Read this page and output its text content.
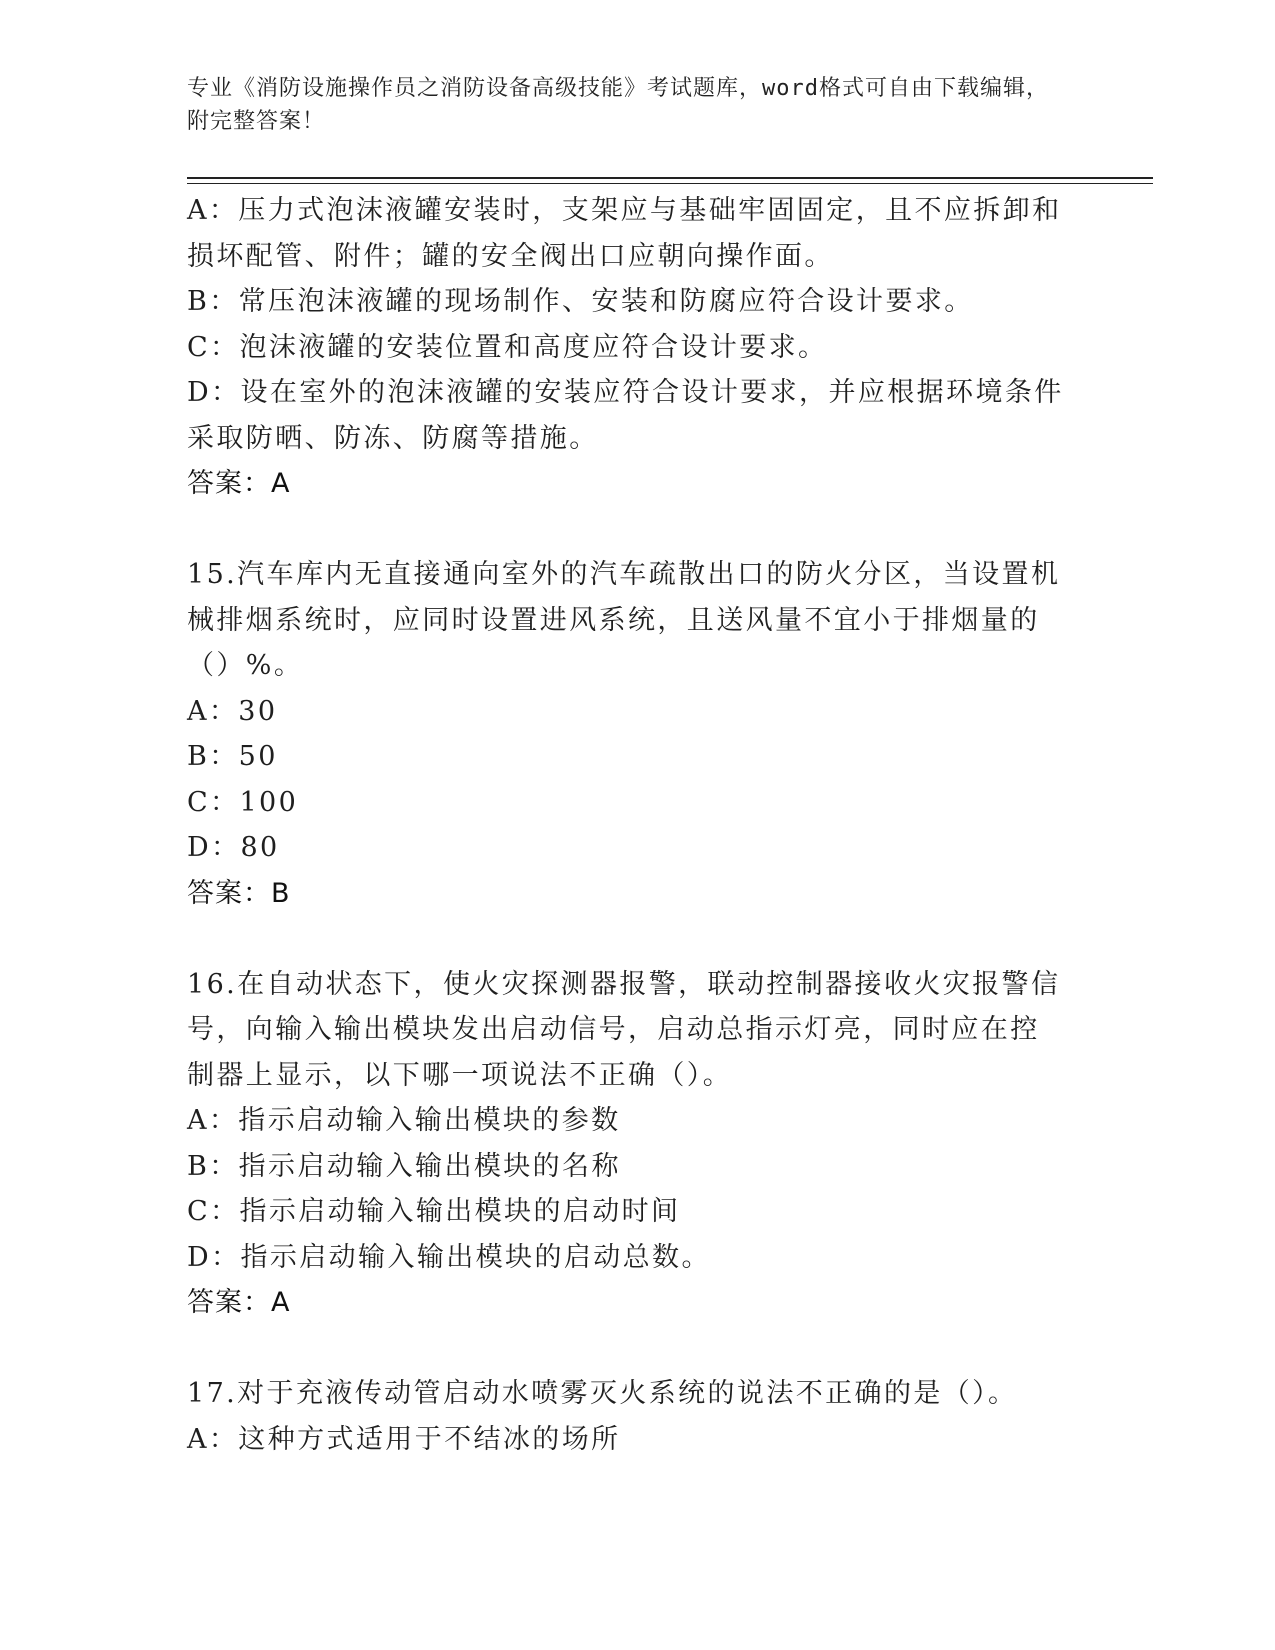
专业《消防设施操作员之消防设备高级技能》考试题库，word格式可自由下载编辑，附完整答案！

A：压力式泡沫液罐安装时，支架应与基础牢固固定，且不应拆卸和损坏配管、附件；罐的安全阀出口应朝向操作面。

B：常压泡沫液罐的现场制作、安装和防腐应符合设计要求。

C：泡沫液罐的安装位置和高度应符合设计要求。

D：设在室外的泡沫液罐的安装应符合设计要求，并应根据环境条件采取防晒、防冻、防腐等措施。

答案：A

15.汽车库内无直接通向室外的汽车疏散出口的防火分区，当设置机械排烟系统时，应同时设置进风系统，且送风量不宜小于排烟量的（）%。

A：30

B：50

C：100

D：80

答案：B

16.在自动状态下，使火灾探测器报警，联动控制器接收火灾报警信号，向输入输出模块发出启动信号，启动总指示灯亮，同时应在控制器上显示，以下哪一项说法不正确（）。

A：指示启动输入输出模块的参数

B：指示启动输入输出模块的名称

C：指示启动输入输出模块的启动时间

D：指示启动输入输出模块的启动总数。

答案：A

17.对于充液传动管启动水喷雾灭火系统的说法不正确的是（）。

A：这种方式适用于不结冰的场所
